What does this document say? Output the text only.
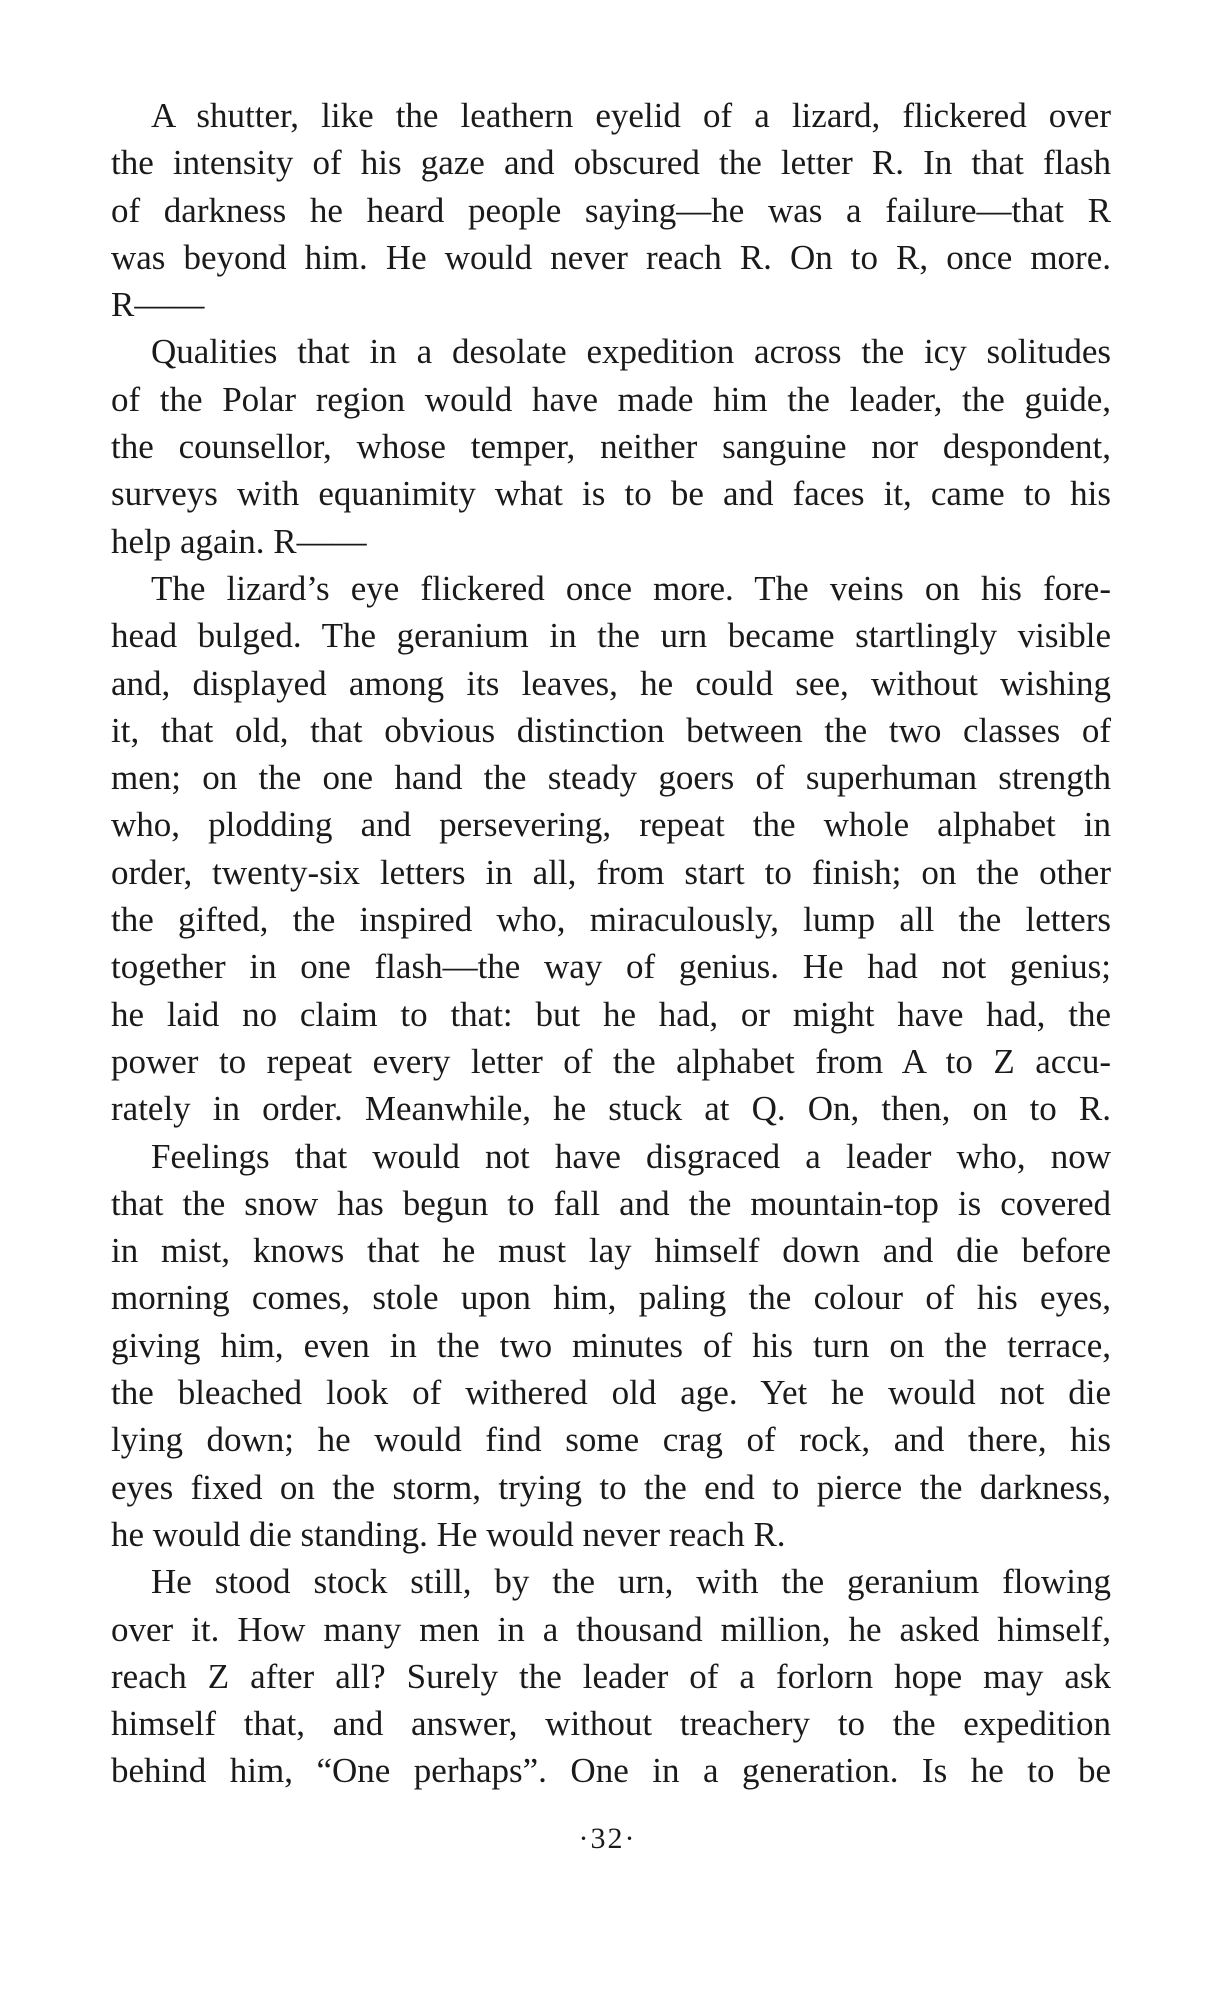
A shutter, like the leathern eyelid of a lizard, flickered over
the intensity of his gaze and obscured the letter R. In that flash
of darkness he heard people saying—he was a failure—that R
was beyond him. He would never reach R. On to R, once more.
R——
Qualities that in a desolate expedition across the icy solitudes
of the Polar region would have made him the leader, the guide,
the counsellor, whose temper, neither sanguine nor despondent,
surveys with equanimity what is to be and faces it, came to his
help again. R——
The lizard’s eye flickered once more. The veins on his fore-
head bulged. The geranium in the urn became startlingly visible
and, displayed among its leaves, he could see, without wishing
it, that old, that obvious distinction between the two classes of
men; on the one hand the steady goers of superhuman strength
who, plodding and persevering, repeat the whole alphabet in
order, twenty-six letters in all, from start to finish; on the other
the gifted, the inspired who, miraculously, lump all the letters
together in one flash—the way of genius. He had not genius;
he laid no claim to that: but he had, or might have had, the
power to repeat every letter of the alphabet from A to Z accu-
rately in order. Meanwhile, he stuck at Q. On, then, on to R.
Feelings that would not have disgraced a leader who, now
that the snow has begun to fall and the mountain-top is covered
in mist, knows that he must lay himself down and die before
morning comes, stole upon him, paling the colour of his eyes,
giving him, even in the two minutes of his turn on the terrace,
the bleached look of withered old age. Yet he would not die
lying down; he would find some crag of rock, and there, his
eyes fixed on the storm, trying to the end to pierce the darkness,
he would die standing. He would never reach R.
He stood stock still, by the urn, with the geranium flowing
over it. How many men in a thousand million, he asked himself,
reach Z after all? Surely the leader of a forlorn hope may ask
himself that, and answer, without treachery to the expedition
behind him, “One perhaps”. One in a generation. Is he to be
·32·
